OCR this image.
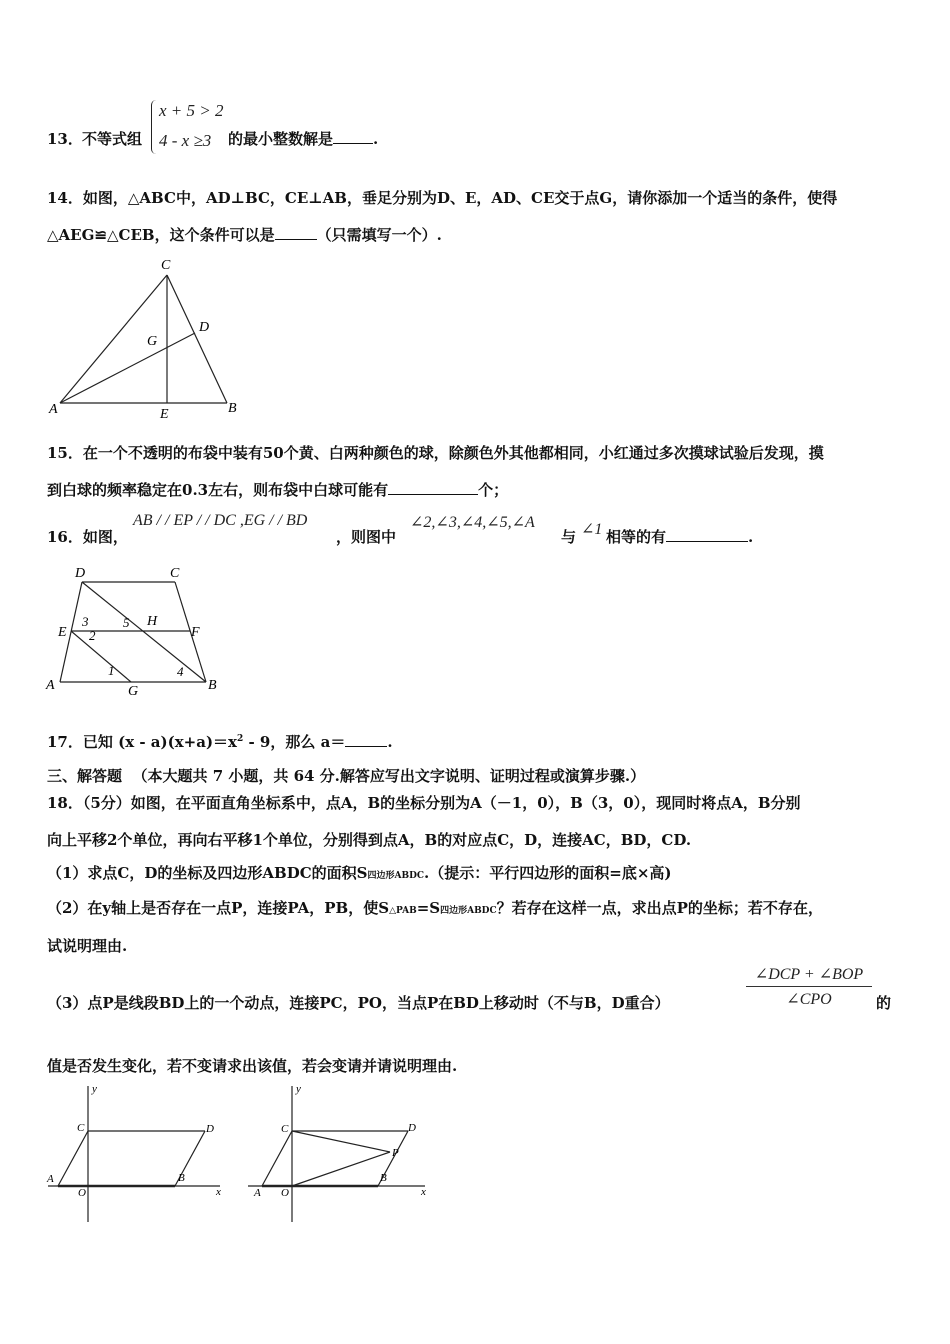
13． 不等式组
x + 5 > 2
4 - x ≥3 的最小整数解是	.
14．如图，△ABC中，AD⊥BC，CE⊥AB，垂足分别为D、E，AD、CE交于点G，请你添加一个适当的条件，使得
△AEG≌△CEB，这个条件可以是	（只需填写一个）.
C
D
G
A	E	B
15．在一个不透明的布袋中装有50个黄、白两种颜色的球，除颜色外其他都相同，小红通过多次摸球试验后发现，摸
到白球的频率稳定在0.3左右，则布袋中白球可能有	个；
16．如图，
AB / / EP / / DC ,EG / / BD
，则图中
∠2,∠3,∠4,∠5,∠A
与 ∠1 相等的有	.
D	C
E
H
F
A	G	B
3
2
5
1	4
17．已知 $(x - a)(x+a)=x^2 - 9$，那么 a＝	.
三、解答题 （本大题共 7 小题，共 64 分.解答应写出文字说明、证明过程或演算步骤.）
18．（5分）如图，在平面直角坐标系中，点A，B的坐标分别为A（－1，0），B（3，0），现同时将点A，B分别
向上平移2个单位，再向右平移1个单位，分别得到点A，B的对应点C，D，连接AC，BD，CD.
（1）求点C，D的坐标及四边形ABDC的面积S四边形ABDC.（提示：平行四边形的面积=底×高)
（2）在y轴上是否存在一点P，连接PA，PB，使S△PAB=S四边形ABDC？若存在这样一点，求出点P的坐标；若不存在，
试说明理由.
（3）点P是线段BD上的一个动点，连接PC，PO，当点P在BD上移动时（不与B，D重合）
∠DCP + ∠BOP
∠CPO	的
值是否发生变化，若不变请求出该值，若会变请并请说明理由.
y
x
C	D
A
O
B
y
x
C	D
P
A O
B
